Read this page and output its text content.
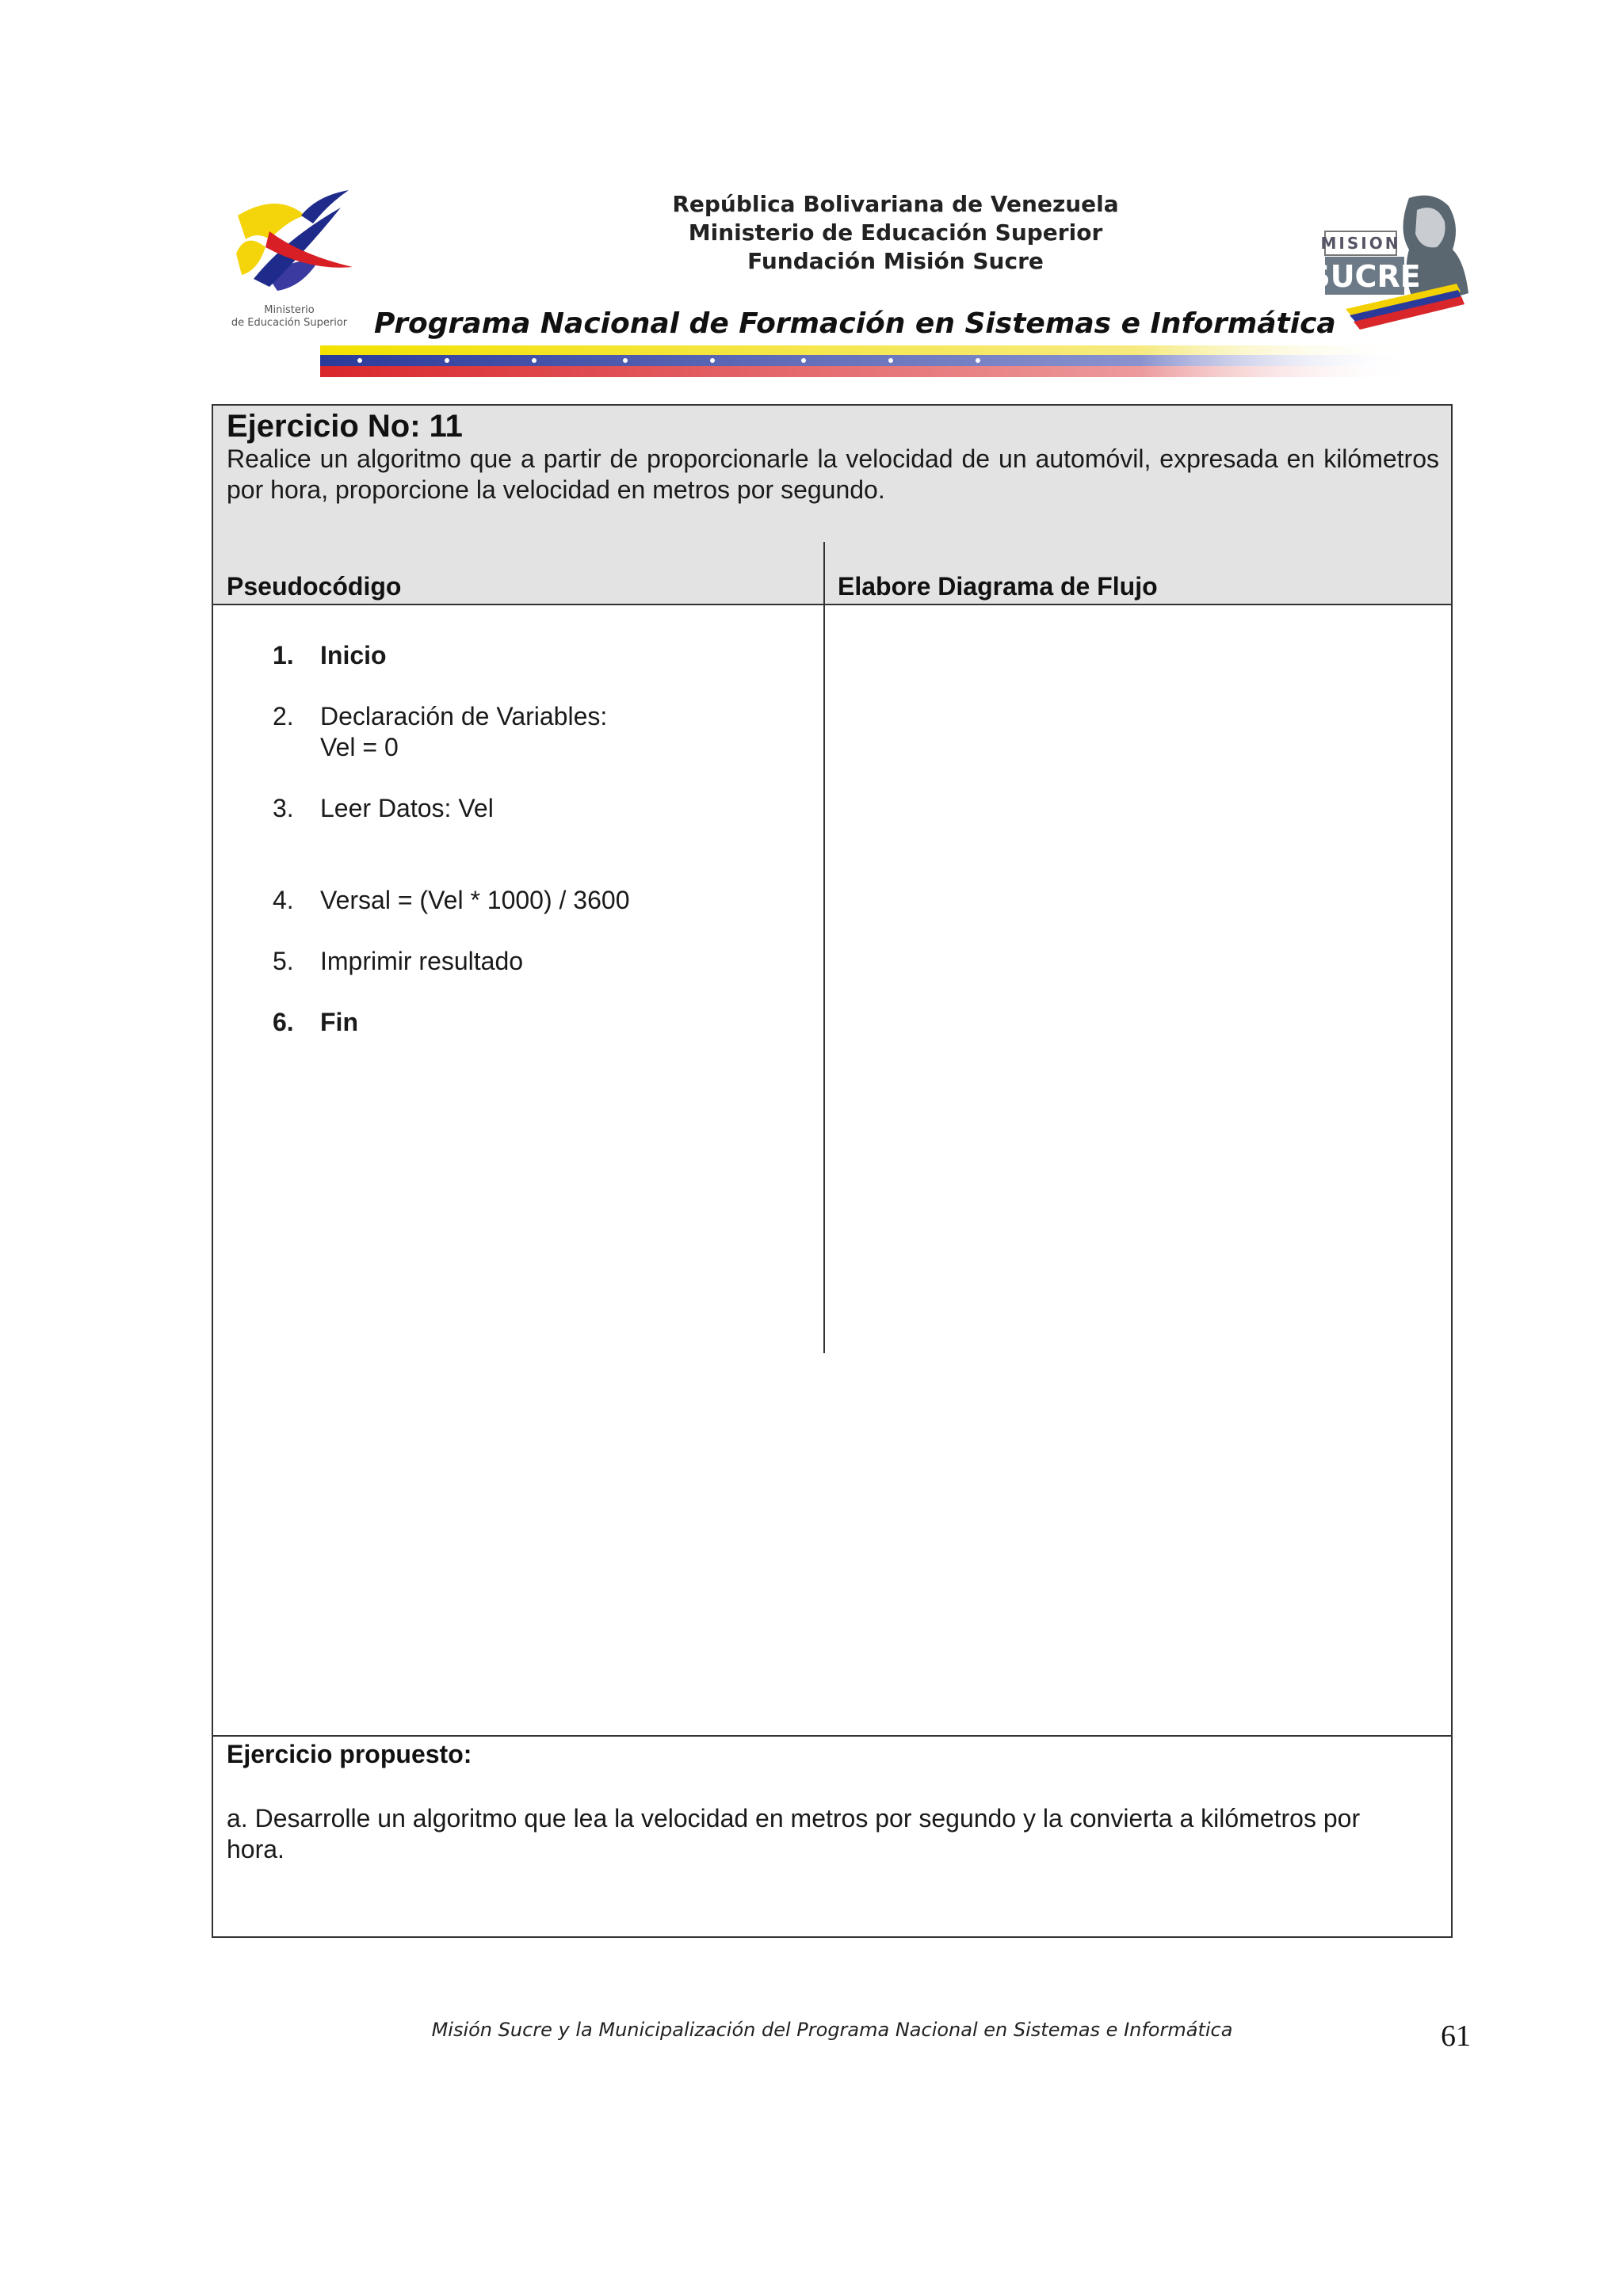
Ministerio
de Educación Superior
República Bolivariana de Venezuela
Ministerio de Educación Superior
Fundación Misión Sucre
Programa Nacional de Formación en Sistemas e Informática
MISION
SUCRE
Ejercicio No: 11
Realice un algoritmo que a partir de proporcionarle la velocidad de un automóvil, expresada en kilómetros por hora, proporcione la velocidad en metros por segundo.
Pseudocódigo	Elabore Diagrama de Flujo
1.	Inicio
2.	Declaración de Variables:
Vel = 0
3.	Leer Datos: Vel
4.	Versal = (Vel * 1000) / 3600
5.	Imprimir resultado
6.	Fin
Ejercicio propuesto:
a. Desarrolle un algoritmo que lea la velocidad en metros por segundo y la convierta a kilómetros por hora.
Misión Sucre y la Municipalización del Programa Nacional en Sistemas e Informática	61
